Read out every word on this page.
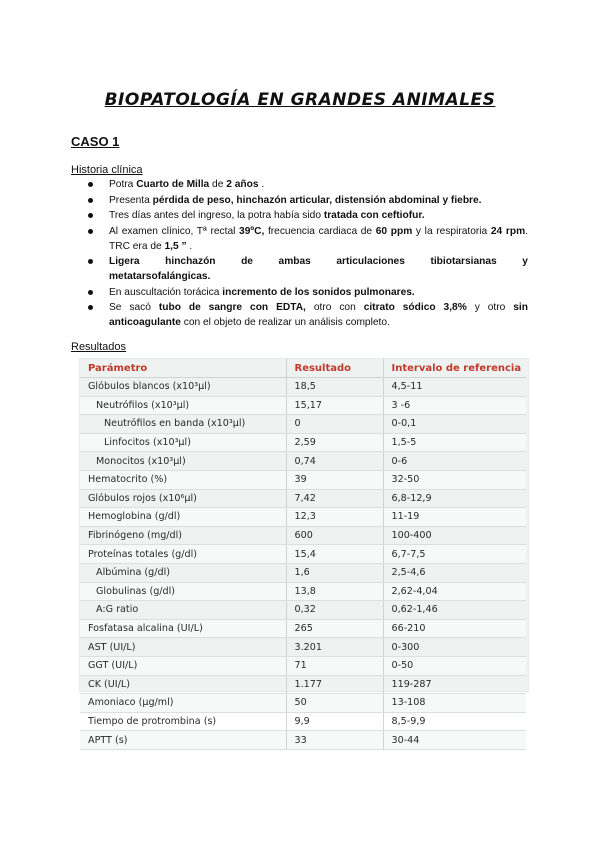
BIOPATOLOGÍA EN GRANDES ANIMALES
CASO 1
Historia clínica
Potra Cuarto de Milla de 2 años .
Presenta pérdida de peso, hinchazón articular, distensión abdominal y fiebre.
Tres días antes del ingreso, la potra había sido tratada con ceftiofur.
Al examen clínico, Tª rectal 39ºC, frecuencia cardiaca de 60 ppm y la respiratoria 24 rpm. TRC era de 1,5 ” .
Ligera	hinchazón	de	ambas	articulaciones	tibiotarsianas	y
metatarsofalángicas.
En auscultación torácica incremento de los sonidos pulmonares.
Se sacó tubo de sangre con EDTA, otro con citrato sódico 3,8% y otro sin anticoagulante con el objeto de realizar un análisis completo.
Resultados
Parámetro	Resultado	Intervalo de referencia
Glóbulos blancos (x10³µl)	18,5	4,5-11
Neutrófilos (x10³µl)	15,17	3 -6
Neutrófilos en banda (x10³µl)	0	0-0,1
Linfocitos (x10³µl)	2,59	1,5-5
Monocitos (x10³µl)	0,74	0-6
Hematocrito (%)	39	32-50
Glóbulos rojos (x10⁶µl)	7,42	6,8-12,9
Hemoglobina (g/dl)	12,3	11-19
Fibrinógeno (mg/dl)	600	100-400
Proteínas totales (g/dl)	15,4	6,7-7,5
Albúmina (g/dl)	1,6	2,5-4,6
Globulinas (g/dl)	13,8	2,62-4,04
A:G ratio	0,32	0,62-1,46
Fosfatasa alcalina (UI/L)	265	66-210
AST (UI/L)	3.201	0-300
GGT (UI/L)	71	0-50
CK (UI/L)	1.177	119-287
Amoniaco (µg/ml)	50	13-108
Tiempo de protrombina (s)	9,9	8,5-9,9
APTT (s)	33	30-44
